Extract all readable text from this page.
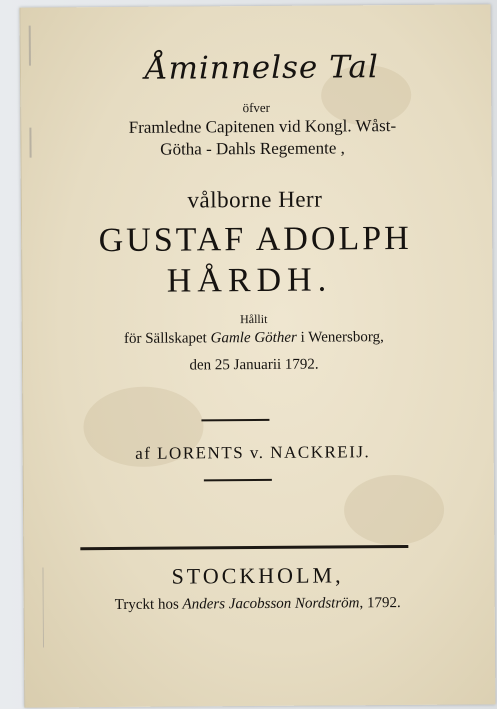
Åminnelse Tal
öfver
Framledne Capitenen vid Kongl. Wåst-
Götha - Dahls Regemente ,
vålborne Herr
GUSTAF ADOLPH
HÅRDH.
Hållit
för Sällskapet Gamle Göther i Wenersborg,
den 25 Januarii 1792.
af LORENTS v. NACKREIJ.
STOCKHOLM,
Tryckt hos Anders Jacobsson Nordström, 1792.
